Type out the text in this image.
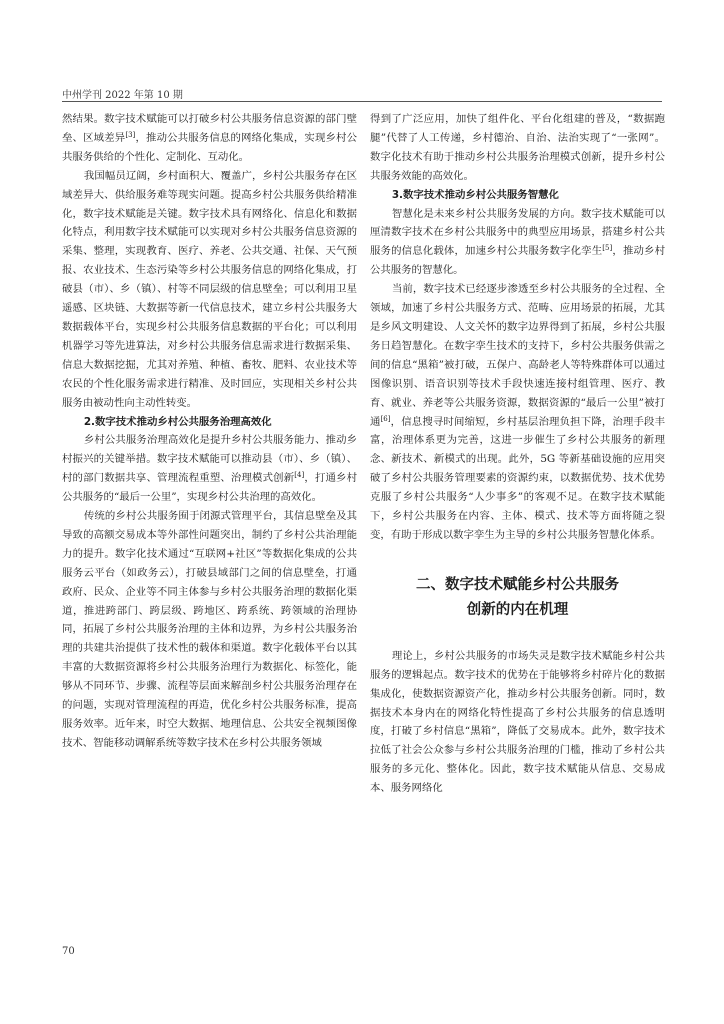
中州学刊 2022 年第 10 期

然结果。数字技术赋能可以打破乡村公共服务信息资源的部门壁垒、区域差异[3]，推动公共服务信息的网络化集成，实现乡村公共服务供给的个性化、定制化、互动化。

我国幅员辽阔，乡村面积大、覆盖广，乡村公共服务存在区域差异大、供给服务难等现实问题。提高乡村公共服务供给精准化，数字技术赋能是关键。数字技术具有网络化、信息化和数据化特点，利用数字技术赋能可以实现对乡村公共服务信息资源的采集、整理，实现教育、医疗、养老、公共交通、社保、天气预报、农业技术、生态污染等乡村公共服务信息的网络化集成，打破县（市）、乡（镇）、村等不同层级的信息壁垒；可以利用卫星遥感、区块链、大数据等新一代信息技术，建立乡村公共服务大数据载体平台，实现乡村公共服务信息数据的平台化；可以利用机器学习等先进算法，对乡村公共服务信息需求进行数据采集、信息大数据挖掘，尤其对养殖、种植、畜牧、肥料、农业技术等农民的个性化服务需求进行精准、及时回应，实现相关乡村公共服务由被动性向主动性转变。

2.数字技术推动乡村公共服务治理高效化

乡村公共服务治理高效化是提升乡村公共服务能力、推动乡村振兴的关键举措。数字技术赋能可以推动县（市）、乡（镇）、村的部门数据共享、管理流程重塑、治理模式创新[4]，打通乡村公共服务的“最后一公里”，实现乡村公共治理的高效化。

传统的乡村公共服务囿于闭源式管理平台，其信息壁垒及其导致的高额交易成本等外部性问题突出，制约了乡村公共治理能力的提升。数字化技术通过“互联网+社区”等数据化集成的公共服务云平台（如政务云），打破县域部门之间的信息壁垒，打通政府、民众、企业等不同主体参与乡村公共服务治理的数据化渠道，推进跨部门、跨层级、跨地区、跨系统、跨领域的治理协同，拓展了乡村公共服务治理的主体和边界，为乡村公共服务治理的共建共治提供了技术性的载体和渠道。数字化载体平台以其丰富的大数据资源将乡村公共服务治理行为数据化、标签化，能够从不同环节、步骤、流程等层面来解剖乡村公共服务治理存在的问题，实现对管理流程的再造，优化乡村公共服务标准，提高服务效率。近年来，时空大数据、地理信息、公共安全视频图像技术、智能移动调解系统等数字技术在乡村公共服务领域

得到了广泛应用，加快了组件化、平台化组建的普及，“数据跑腿”代替了人工传递，乡村德治、自治、法治实现了“一张网”。数字化技术有助于推动乡村公共服务治理模式创新，提升乡村公共服务效能的高效化。

3.数字技术推动乡村公共服务智慧化

智慧化是未来乡村公共服务发展的方向。数字技术赋能可以厘清数字技术在乡村公共服务中的典型应用场景，搭建乡村公共服务的信息化载体，加速乡村公共服务数字化孪生[5]，推动乡村公共服务的智慧化。

当前，数字技术已经逐步渗透至乡村公共服务的全过程、全领域，加速了乡村公共服务方式、范畴、应用场景的拓展，尤其是乡风文明建设、人文关怀的数字边界得到了拓展，乡村公共服务日趋智慧化。在数字孪生技术的支持下，乡村公共服务供需之间的信息“黑箱”被打破，五保户、高龄老人等特殊群体可以通过图像识别、语音识别等技术手段快速连接村组管理、医疗、教育、就业、养老等公共服务资源，数据资源的“最后一公里”被打通[6]，信息搜寻时间缩短，乡村基层治理负担下降，治理手段丰富，治理体系更为完善，这进一步催生了乡村公共服务的新理念、新技术、新模式的出现。此外，5G 等新基础设施的应用突破了乡村公共服务管理要素的资源约束，以数据优势、技术优势克服了乡村公共服务“人少事多”的客观不足。在数字技术赋能下，乡村公共服务在内容、主体、模式、技术等方面将随之裂变，有助于形成以数字孪生为主导的乡村公共服务智慧化体系。

二、数字技术赋能乡村公共服务
创新的内在机理

理论上，乡村公共服务的市场失灵是数字技术赋能乡村公共服务的逻辑起点。数字技术的优势在于能够将乡村碎片化的数据集成化，使数据资源资产化，推动乡村公共服务创新。同时，数据技术本身内在的网络化特性提高了乡村公共服务的信息透明度，打破了乡村信息“黑箱”，降低了交易成本。此外，数字技术拉低了社会公众参与乡村公共服务治理的门槛，推动了乡村公共服务的多元化、整体化。因此，数字技术赋能从信息、交易成本、服务网络化

70
